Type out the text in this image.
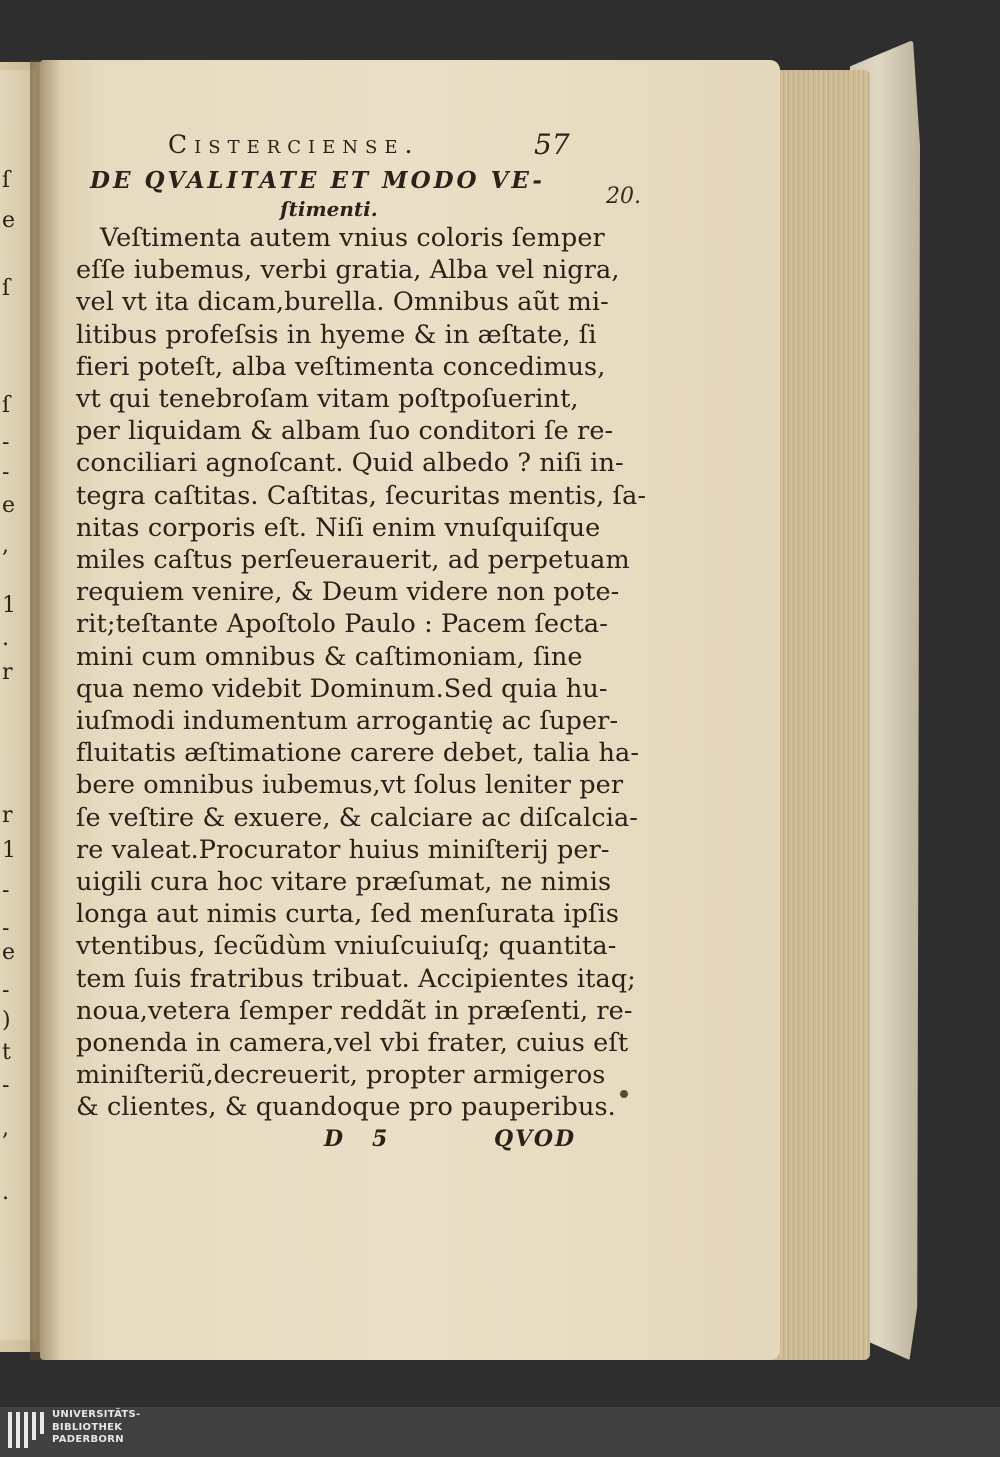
ſ
e
ſ
ſ
-
-
e
,
1
.
r
r
1
-
-
e
-
)
t
-
,
.
20.
Cisterciense.	57
DE QVALITATE ET MODO VE-
ſtimenti.
Veſtimenta autem vnius coloris ſemper
eſſe iubemus, verbi gratia, Alba vel nigra,
vel vt ita dicam,burella. Omnibus aũt mi-
litibus profeſsis in hyeme & in æſtate, ſi
fieri poteſt, alba veſtimenta concedimus,
vt qui tenebroſam vitam poſtpoſuerint,
per liquidam & albam ſuo conditori ſe re-
conciliari agnoſcant. Quid albedo ? niſi in-
tegra caſtitas. Caſtitas, ſecuritas mentis, ſa-
nitas corporis eſt. Niſi enim vnuſquiſque
miles caſtus perſeuerauerit, ad perpetuam
requiem venire, & Deum videre non pote-
rit;teſtante Apoſtolo Paulo : Pacem ſecta-
mini cum omnibus & caſtimoniam, ſine
qua nemo videbit Dominum.Sed quia hu-
iuſmodi indumentum arrogantię ac ſuper-
fluitatis æſtimatione carere debet, talia ha-
bere omnibus iubemus,vt ſolus leniter per
ſe veſtire & exuere, & calciare ac diſcalcia-
re valeat.Procurator huius miniſterij per-
uigili cura hoc vitare præſumat, ne nimis
longa aut nimis curta, ſed menſurata ipſis
vtentibus, ſecũdùm vniuſcuiuſq; quantita-
tem ſuis fratribus tribuat. Accipientes itaq;
noua,vetera ſemper reddãt in præſenti, re-
ponenda in camera,vel vbi frater, cuius eſt
miniſteriũ,decreuerit, propter armigeros
& clientes, & quandoque pro pauperibus.
D 5	QVOD
UNIVERSITÄTS-
BIBLIOTHEK
PADERBORN
